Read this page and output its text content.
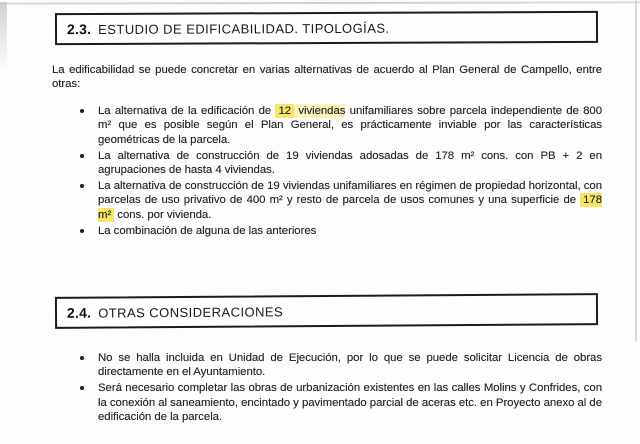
2.3. ESTUDIO DE EDIFICABILIDAD. TIPOLOGÍAS.

La edificabilidad se puede concretar en varias alternativas de acuerdo al Plan General de Campello, entre otras:

La alternativa de la edificación de 12 viviendas unifamiliares sobre parcela independiente de 800 m² que es posible según el Plan General, es prácticamente inviable por las características geométricas de la parcela.
La alternativa de construcción de 19 viviendas adosadas de 178 m² cons. con PB + 2 en agrupaciones de hasta 4 viviendas.
La alternativa de construcción de 19 viviendas unifamiliares en régimen de propiedad horizontal, con parcelas de uso privativo de 400 m² y resto de parcela de usos comunes y una superficie de 178 m² cons. por vivienda.
La combinación de alguna de las anteriores
2.4. OTRAS CONSIDERACIONES
No se halla incluida en Unidad de Ejecución, por lo que se puede solicitar Licencia de obras directamente en el Ayuntamiento.
Será necesario completar las obras de urbanización existentes en las calles Molins y Confrides, con la conexión al saneamiento, encintado y pavimentado parcial de aceras etc. en Proyecto anexo al de edificación de la parcela.
